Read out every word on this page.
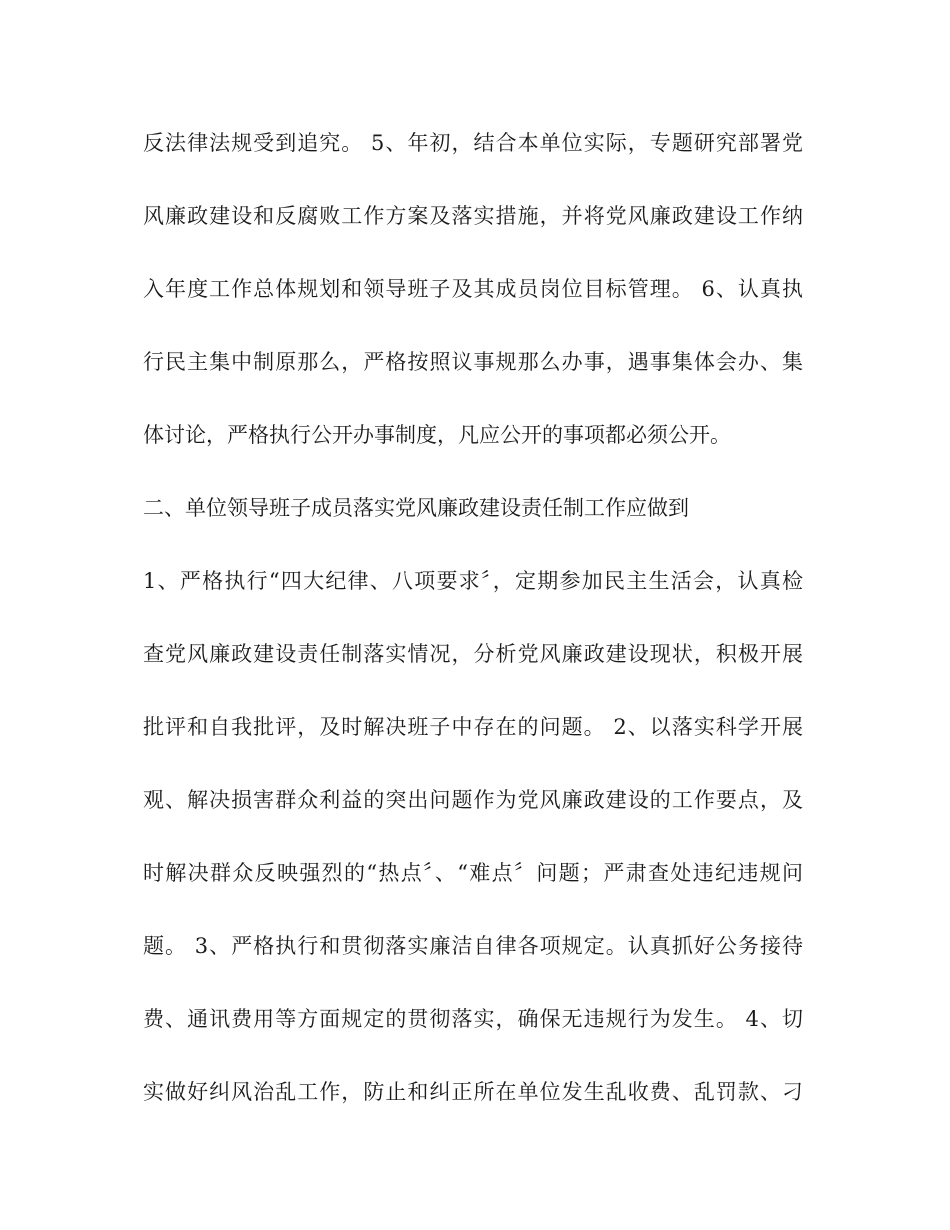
反法律法规受到追究。 5、年初，结合本单位实际，专题研究部署党
风廉政建设和反腐败工作方案及落实措施，并将党风廉政建设工作纳
入年度工作总体规划和领导班子及其成员岗位目标管理。 6、认真执
行民主集中制原那么，严格按照议事规那么办事，遇事集体会办、集
体讨论，严格执行公开办事制度，凡应公开的事项都必须公开。
二、单位领导班子成员落实党风廉政建设责任制工作应做到
1、严格执行“四大纪律、八项要求〞，定期参加民主生活会，认真检
查党风廉政建设责任制落实情况，分析党风廉政建设现状，积极开展
批评和自我批评，及时解决班子中存在的问题。 2、以落实科学开展
观、解决损害群众利益的突出问题作为党风廉政建设的工作要点，及
时解决群众反映强烈的“热点〞、“难点〞问题；严肃查处违纪违规问
题。 3、严格执行和贯彻落实廉洁自律各项规定。认真抓好公务接待
费、通讯费用等方面规定的贯彻落实，确保无违规行为发生。 4、切
实做好纠风治乱工作，防止和纠正所在单位发生乱收费、乱罚款、刁
